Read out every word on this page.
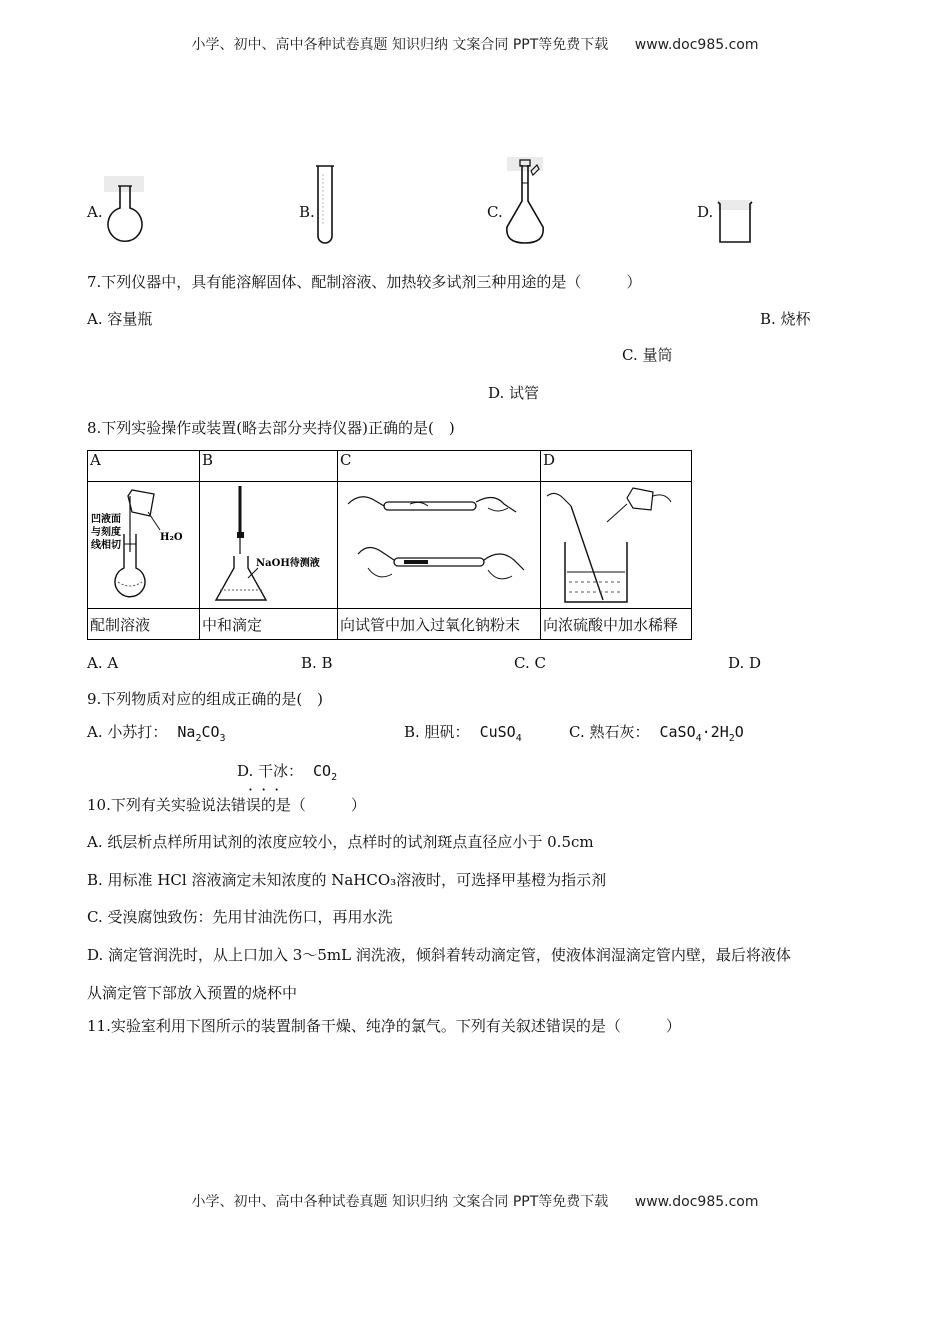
小学、初中、高中各种试卷真题 知识归纳 文案合同 PPT等免费下载 www.doc985.com
小学、初中、高中各种试卷真题 知识归纳 文案合同 PPT等免费下载 www.doc985.com
A.	B.	C.	D.
7.下列仪器中，具有能溶解固体、配制溶液、加热较多试剂三种用途的是（　　　）
A. 容量瓶	B. 烧杯
C. 量筒
D. 试管
8.下列实验操作或装置(略去部分夹持仪器)正确的是(　)
A	B	C	D

凹液面
与刻度
线相切
H₂O	NaOH待测液

配制溶液	中和滴定	向试管中加入过氧化钠粉末	向浓硫酸中加水稀释
A. A	B. B	C. C	D. D
9.下列物质对应的组成正确的是(　)
A. 小苏打： $Na_2CO_3$	B. 胆矾： CuSO$_4$	C. 熟石灰： $CaSO_4\cdot 2H_2O$
D. 干冰： $CO_2$
···
10.下列有关实验说法错误的是（　　　）
A. 纸层析点样所用试剂的浓度应较小，点样时的试剂斑点直径应小于 0.5cm
B. 用标准 HCl 溶液滴定未知浓度的 NaHCO₃溶液时，可选择甲基橙为指示剂
C. 受溴腐蚀致伤：先用甘油洗伤口，再用水洗
D. 滴定管润洗时，从上口加入 3～5mL 润洗液，倾斜着转动滴定管，使液体润湿滴定管内壁，最后将液体
从滴定管下部放入预置的烧杯中
11.实验室利用下图所示的装置制备干燥、纯净的氯气。下列有关叙述错误的是（　　　）
